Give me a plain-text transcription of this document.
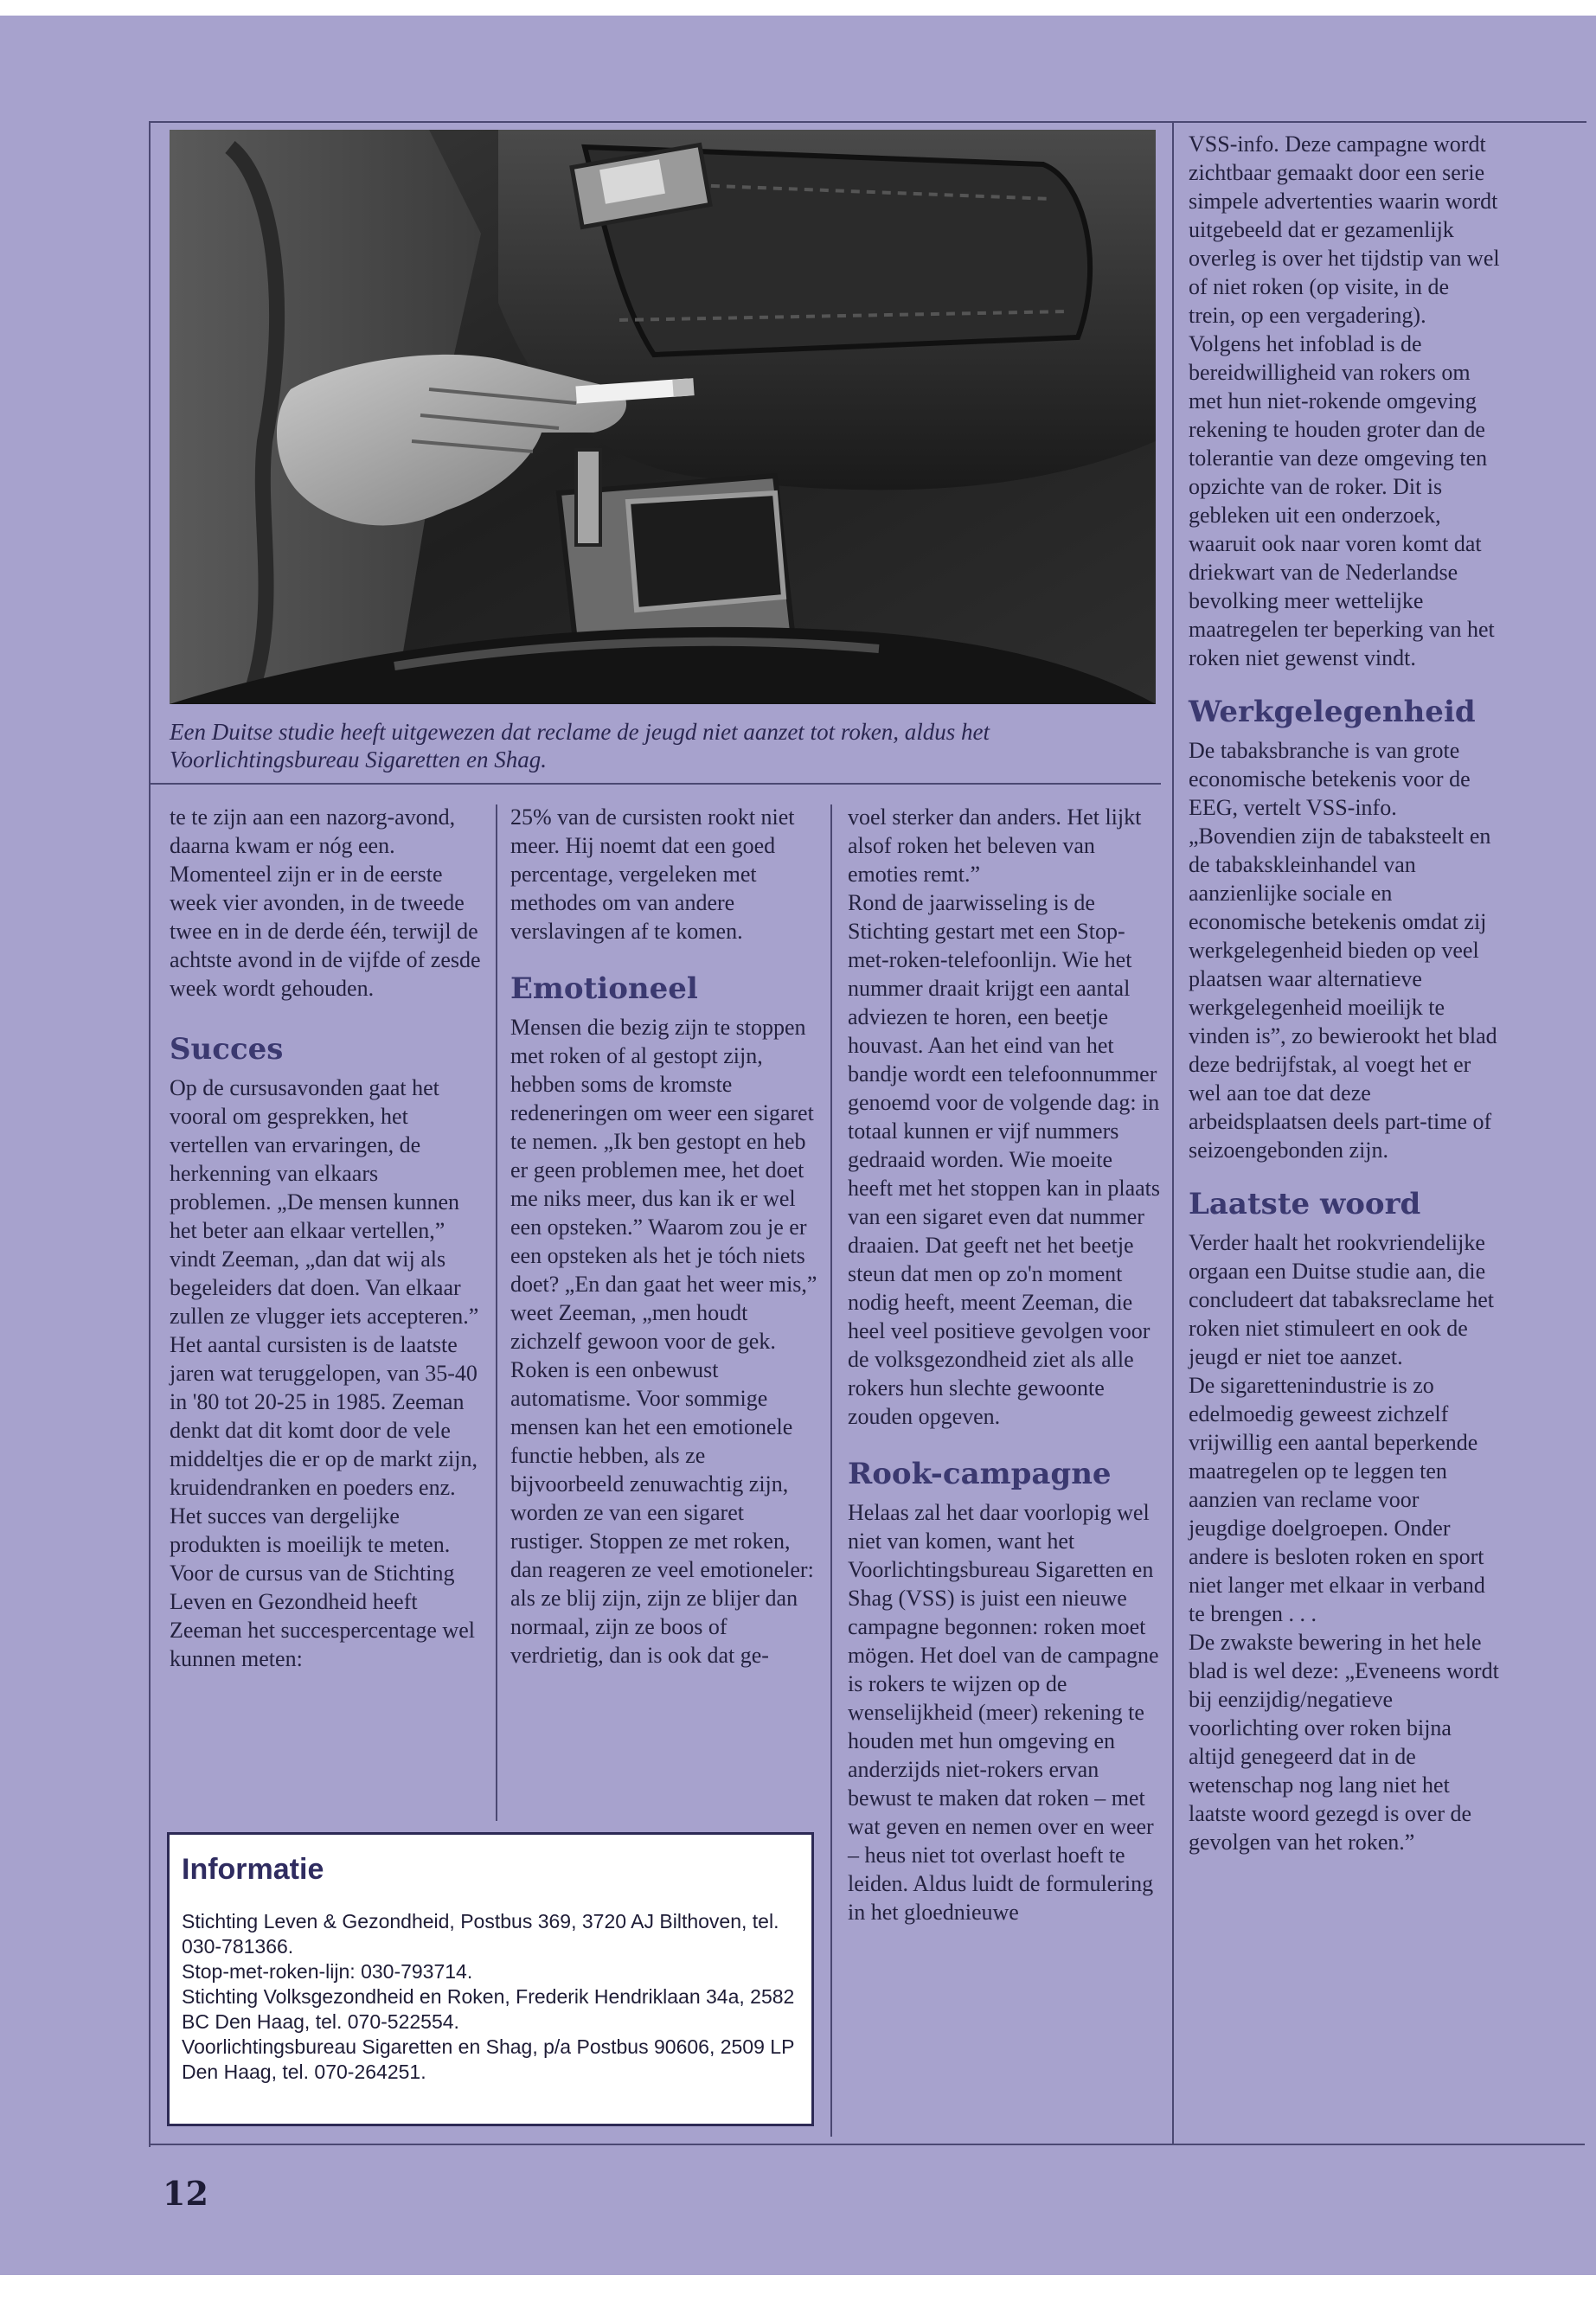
Een Duitse studie heeft uitgewezen dat reclame de jeugd niet aanzet tot roken, aldus het Voorlichtingsbureau Sigaretten en Shag.

te te zijn aan een nazorg-avond, daarna kwam er nóg een. Momenteel zijn er in de eerste week vier avonden, in de tweede twee en in de derde één, terwijl de achtste avond in de vijfde of zesde week wordt gehouden.

Succes

Op de cursusavonden gaat het vooral om gesprekken, het vertellen van ervaringen, de herkenning van elkaars problemen. „De mensen kunnen het beter aan elkaar vertellen,” vindt Zeeman, „dan dat wij als begeleiders dat doen. Van elkaar zullen ze vlugger iets accepteren.”

Het aantal cursisten is de laatste jaren wat teruggelopen, van 35-40 in '80 tot 20-25 in 1985. Zeeman denkt dat dit komt door de vele middeltjes die er op de markt zijn, kruidendranken en poeders enz. Het succes van dergelijke produkten is moeilijk te meten. Voor de cursus van de Stichting Leven en Gezondheid heeft Zeeman het succespercentage wel kunnen meten:

25% van de cursisten rookt niet meer. Hij noemt dat een goed percentage, vergeleken met methodes om van andere verslavingen af te komen.

Emotioneel

Mensen die bezig zijn te stoppen met roken of al gestopt zijn, hebben soms de kromste redeneringen om weer een sigaret te nemen. „Ik ben gestopt en heb er geen problemen mee, het doet me niks meer, dus kan ik er wel een opsteken.” Waarom zou je er een opsteken als het je tóch niets doet? „En dan gaat het weer mis,” weet Zeeman, „men houdt zichzelf gewoon voor de gek.

Roken is een onbewust automatisme. Voor sommige mensen kan het een emotionele functie hebben, als ze bijvoorbeeld zenuwachtig zijn, worden ze van een sigaret rustiger. Stoppen ze met roken, dan reageren ze veel emotioneler: als ze blij zijn, zijn ze blijer dan normaal, zijn ze boos of verdrietig, dan is ook dat ge-

voel sterker dan anders. Het lijkt alsof roken het beleven van emoties remt.”

Rond de jaarwisseling is de Stichting gestart met een Stop-met-roken-telefoonlijn. Wie het nummer draait krijgt een aantal adviezen te horen, een beetje houvast. Aan het eind van het bandje wordt een telefoonnummer genoemd voor de volgende dag: in totaal kunnen er vijf nummers gedraaid worden. Wie moeite heeft met het stoppen kan in plaats van een sigaret even dat nummer draaien. Dat geeft net het beetje steun dat men op zo'n moment nodig heeft, meent Zeeman, die heel veel positieve gevolgen voor de volksgezondheid ziet als alle rokers hun slechte gewoonte zouden opgeven.

Rook-campagne

Helaas zal het daar voorlopig wel niet van komen, want het Voorlichtingsbureau Sigaretten en Shag (VSS) is juist een nieuwe campagne begonnen: roken moet mögen. Het doel van de campagne is rokers te wijzen op de wenselijkheid (meer) rekening te houden met hun omgeving en anderzijds niet-rokers ervan bewust te maken dat roken – met wat geven en nemen over en weer – heus niet tot overlast hoeft te leiden. Aldus luidt de formulering in het gloednieuwe

VSS-info. Deze campagne wordt zichtbaar gemaakt door een serie simpele advertenties waarin wordt uitgebeeld dat er gezamenlijk overleg is over het tijdstip van wel of niet roken (op visite, in de trein, op een vergadering).

Volgens het infoblad is de bereidwilligheid van rokers om met hun niet-rokende omgeving rekening te houden groter dan de tolerantie van deze omgeving ten opzichte van de roker. Dit is gebleken uit een onderzoek, waaruit ook naar voren komt dat driekwart van de Nederlandse bevolking meer wettelijke maatregelen ter beperking van het roken niet gewenst vindt.

Werkgelegenheid

De tabaksbranche is van grote economische betekenis voor de EEG, vertelt VSS-info. „Bovendien zijn de tabaksteelt en de tabakskleinhandel van aanzienlijke sociale en economische betekenis omdat zij werkgelegenheid bieden op veel plaatsen waar alternatieve werkgelegenheid moeilijk te vinden is”, zo bewierookt het blad deze bedrijfstak, al voegt het er wel aan toe dat deze arbeidsplaatsen deels part-time of seizoengebonden zijn.

Laatste woord

Verder haalt het rookvriendelijke orgaan een Duitse studie aan, die concludeert dat tabaksreclame het roken niet stimuleert en ook de jeugd er niet toe aanzet.

De sigarettenindustrie is zo edelmoedig geweest zichzelf vrijwillig een aantal beperkende maatregelen op te leggen ten aanzien van reclame voor jeugdige doelgroepen. Onder andere is besloten roken en sport niet langer met elkaar in verband te brengen . . .

De zwakste bewering in het hele blad is wel deze: „Eveneens wordt bij eenzijdig/negatieve voorlichting over roken bijna altijd genegeerd dat in de wetenschap nog lang niet het laatste woord gezegd is over de gevolgen van het roken.”

Informatie

Stichting Leven & Gezondheid, Postbus 369, 3720 AJ Bilthoven, tel. 030-781366.

Stop-met-roken-lijn: 030-793714.

Stichting Volksgezondheid en Roken, Frederik Hendriklaan 34a, 2582 BC Den Haag, tel. 070-522554.

Voorlichtingsbureau Sigaretten en Shag, p/a Postbus 90606, 2509 LP Den Haag, tel. 070-264251.

12
